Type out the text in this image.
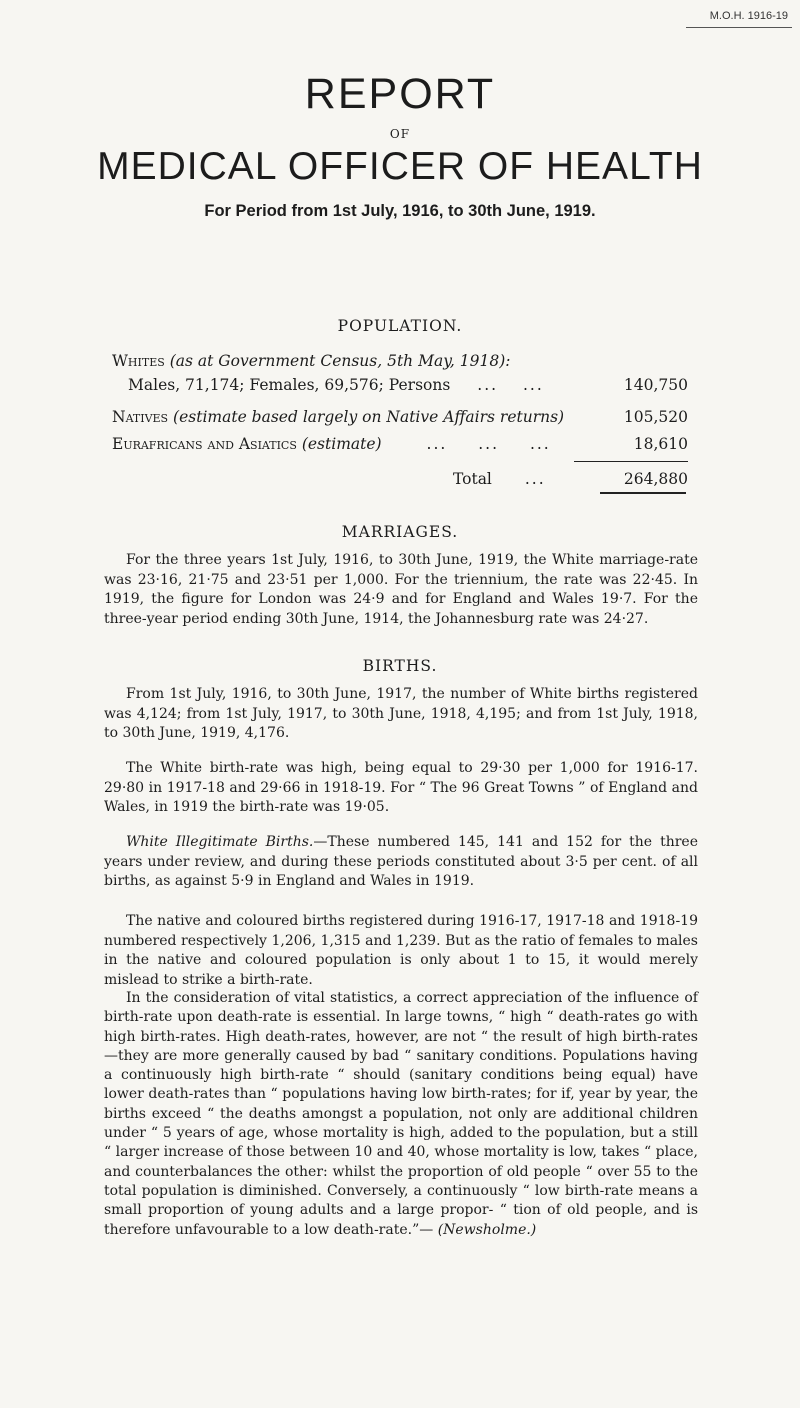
M.O.H. 1916-19
REPORT
OF
MEDICAL OFFICER OF HEALTH
For Period from 1st July, 1916, to 30th June, 1919.
POPULATION.
Whites (as at Government Census, 5th May, 1918):
Males, 71,174; Females, 69,576; Persons ... ...	140,750
Natives (estimate based largely on Native Affairs returns)	105,520
Eurafricans and Asiatics (estimate)	... ... ...	18,610
Total ...	264,880
MARRIAGES.

For the three years 1st July, 1916, to 30th June, 1919, the White marriage-rate was 23·16, 21·75 and 23·51 per 1,000. For the triennium, the rate was 22·45. In 1919, the figure for London was 24·9 and for England and Wales 19·7. For the three-year period ending 30th June, 1914, the Johannesburg rate was 24·27.

BIRTHS.

From 1st July, 1916, to 30th June, 1917, the number of White births registered was 4,124; from 1st July, 1917, to 30th June, 1918, 4,195; and from 1st July, 1918, to 30th June, 1919, 4,176.

The White birth-rate was high, being equal to 29·30 per 1,000 for 1916-17. 29·80 in 1917-18 and 29·66 in 1918-19. For “ The 96 Great Towns ” of England and Wales, in 1919 the birth-rate was 19·05.

White Illegitimate Births.—These numbered 145, 141 and 152 for the three years under review, and during these periods constituted about 3·5 per cent. of all births, as against 5·9 in England and Wales in 1919.

The native and coloured births registered during 1916-17, 1917-18 and 1918-19 numbered respectively 1,206, 1,315 and 1,239. But as the ratio of females to males in the native and coloured population is only about 1 to 15, it would merely mislead to strike a birth-rate.

In the consideration of vital statistics, a correct appreciation of the influence of birth-rate upon death-rate is essential. In large towns, “ high “ death-rates go with high birth-rates. High death-rates, however, are not “ the result of high birth-rates—they are more generally caused by bad “ sanitary conditions. Populations having a continuously high birth-rate “ should (sanitary conditions being equal) have lower death-rates than “ populations having low birth-rates; for if, year by year, the births exceed “ the deaths amongst a population, not only are additional children under “ 5 years of age, whose mortality is high, added to the population, but a still “ larger increase of those between 10 and 40, whose mortality is low, takes “ place, and counterbalances the other: whilst the proportion of old people “ over 55 to the total population is diminished. Conversely, a continuously “ low birth-rate means a small proportion of young adults and a large propor- “ tion of old people, and is therefore unfavourable to a low death-rate.”— (Newsholme.)
